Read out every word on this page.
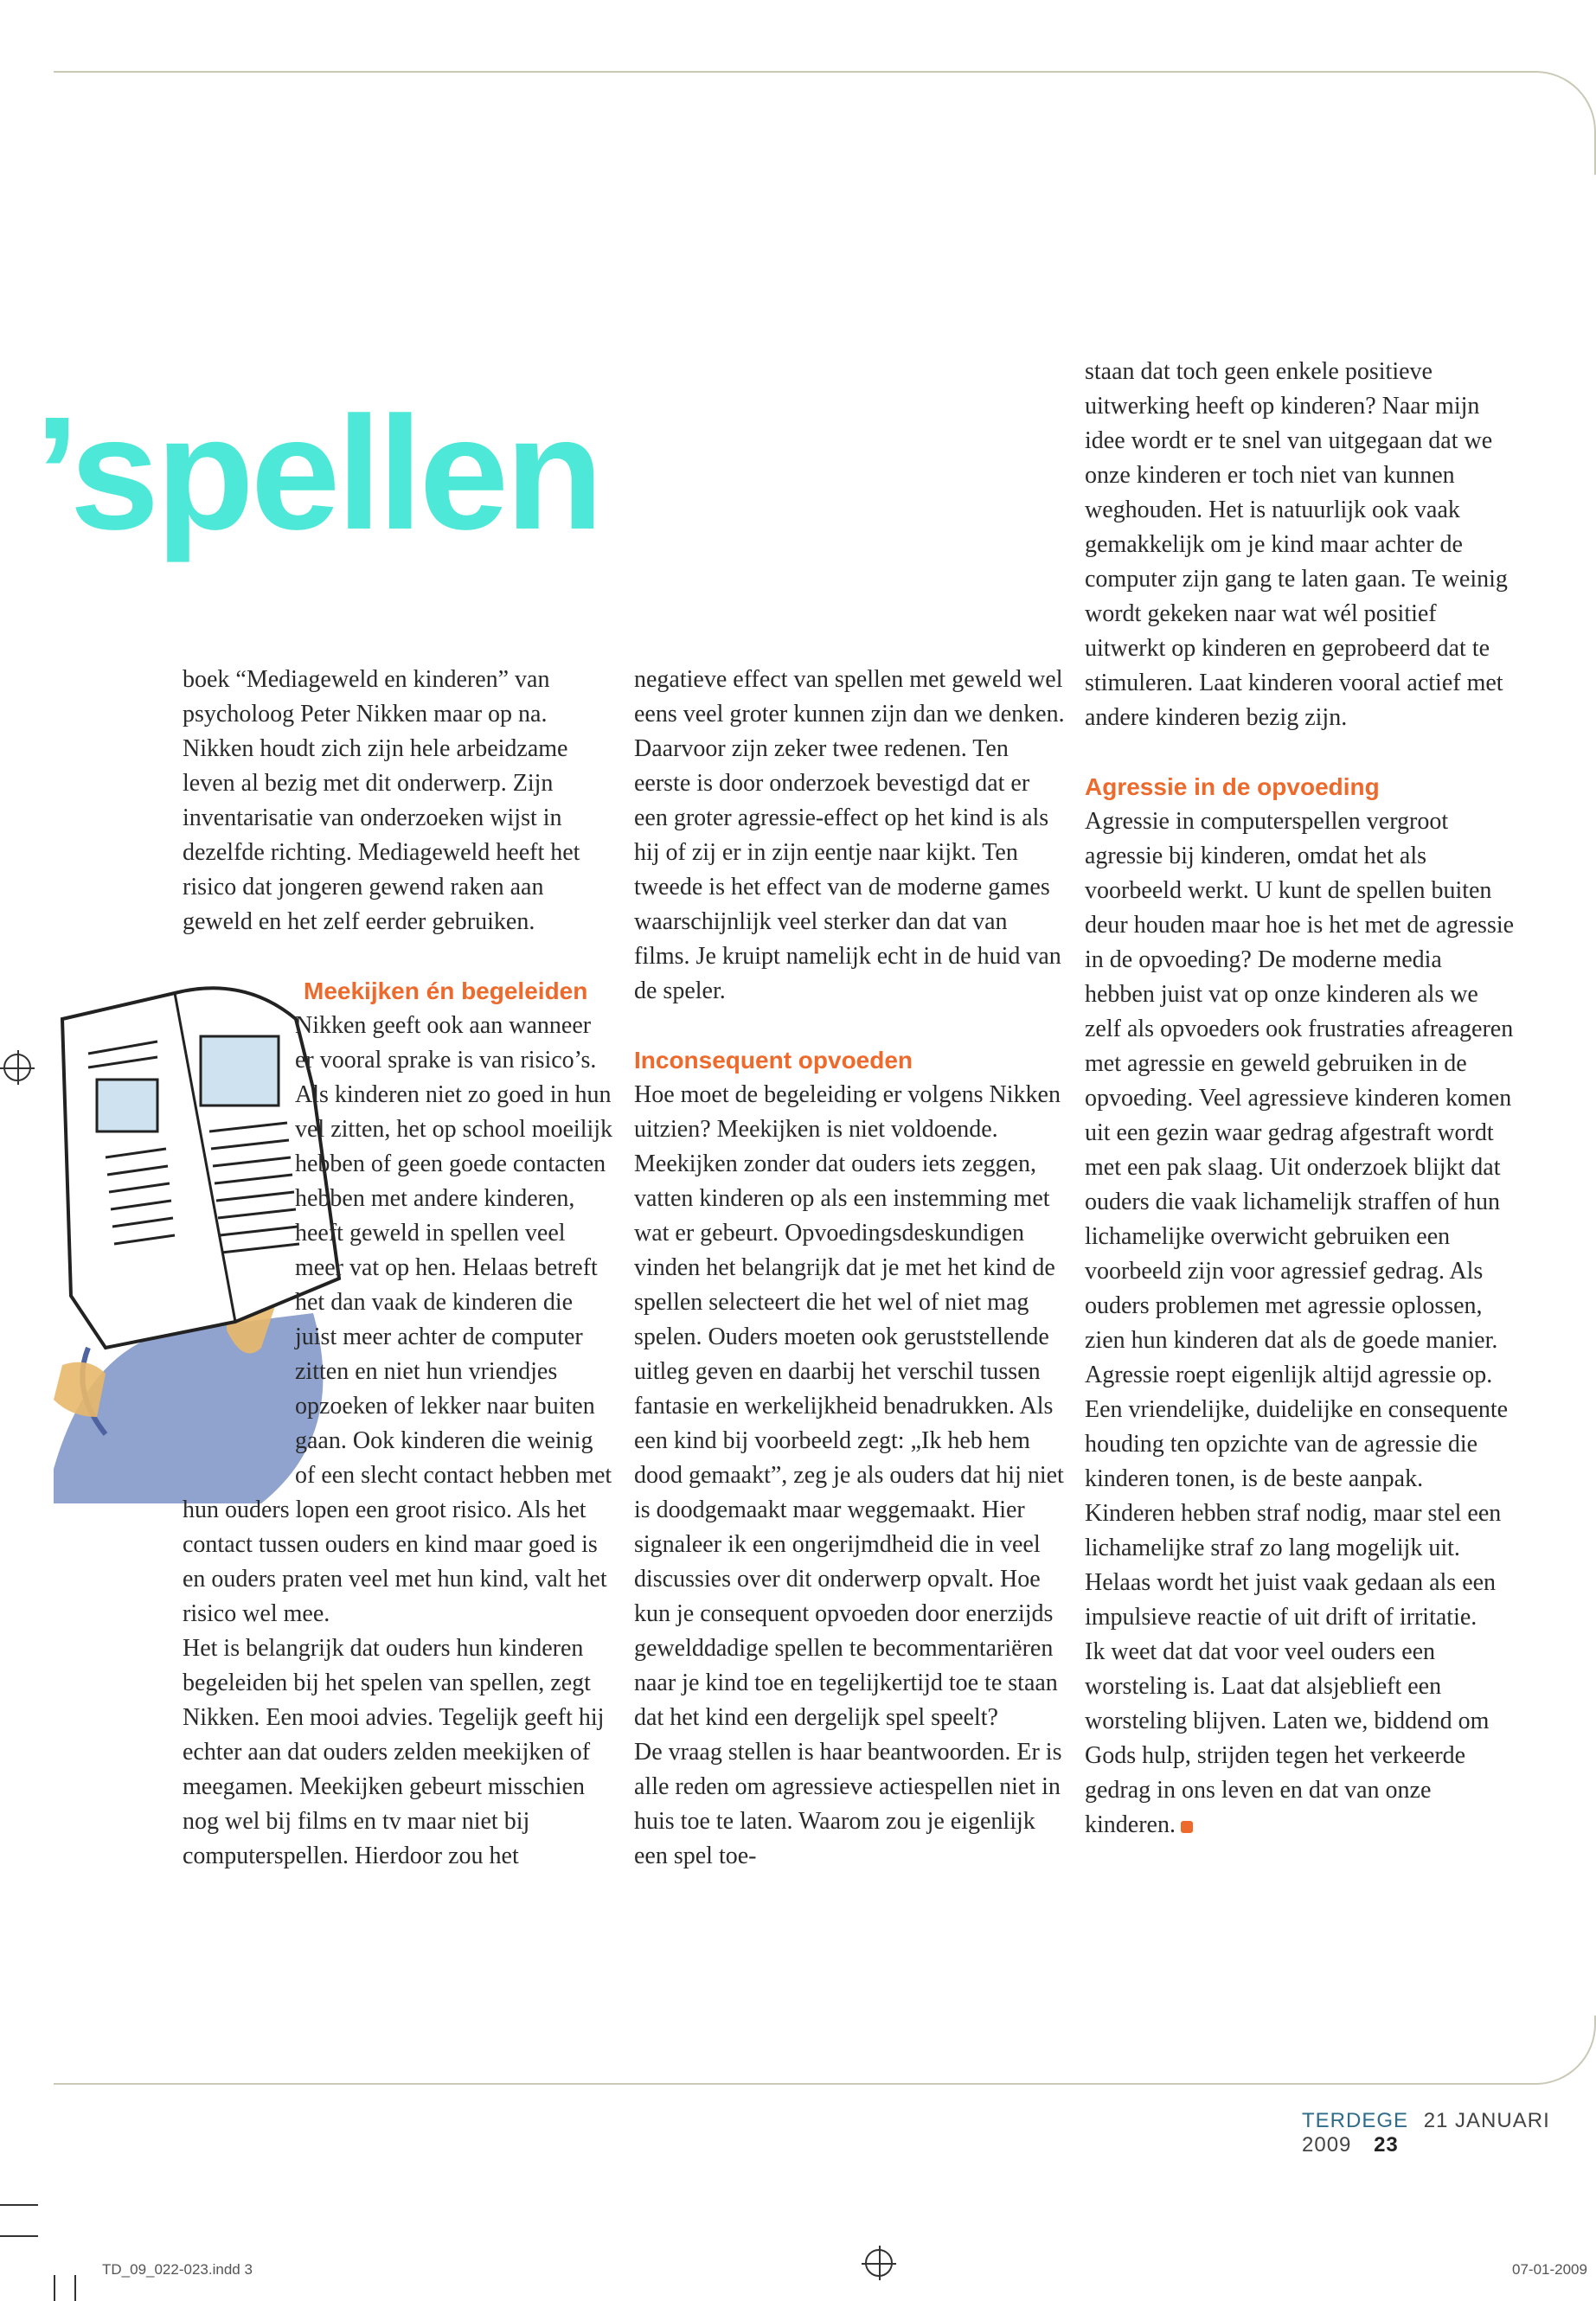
’spellen

boek “Mediageweld en kinderen” van psycholoog Peter Nikken maar op na. Nikken houdt zich zijn hele arbeidzame leven al bezig met dit onderwerp. Zijn inventarisatie van onderzoeken wijst in dezelfde richting. Mediageweld heeft het risico dat jongeren gewend raken aan geweld en het zelf eerder gebruiken.

Meekijken én begeleiden

Nikken geeft ook aan wanneer er vooral sprake is van risico’s. Als kinderen niet zo goed in hun vel zitten, het op school moeilijk hebben of geen goede contacten hebben met andere kinderen, heeft geweld in spellen veel meer vat op hen. Helaas betreft het dan vaak de kinderen die juist meer achter de computer zitten en niet hun vriendjes opzoeken of lekker naar buiten gaan. Ook kinderen die weinig of een slecht contact hebben met hun ouders lopen een groot risico. Als het contact tussen ouders en kind maar goed is en ouders praten veel met hun kind, valt het risico wel mee.

Het is belangrijk dat ouders hun kinderen begeleiden bij het spelen van spellen, zegt Nikken. Een mooi advies. Tegelijk geeft hij echter aan dat ouders zelden meekijken of meegamen. Meekijken gebeurt misschien nog wel bij films en tv maar niet bij computerspellen. Hierdoor zou het

negatieve effect van spellen met geweld wel eens veel groter kunnen zijn dan we denken. Daarvoor zijn zeker twee redenen. Ten eerste is door onderzoek bevestigd dat er een groter agressie-effect op het kind is als hij of zij er in zijn eentje naar kijkt. Ten tweede is het effect van de moderne games waarschijnlijk veel sterker dan dat van films. Je kruipt namelijk echt in de huid van de speler.

Inconsequent opvoeden

Hoe moet de begeleiding er volgens Nikken uitzien? Meekijken is niet voldoende. Meekijken zonder dat ouders iets zeggen, vatten kinderen op als een instemming met wat er gebeurt. Opvoedingsdeskundigen vinden het belangrijk dat je met het kind de spellen selecteert die het wel of niet mag spelen. Ouders moeten ook geruststellende uitleg geven en daarbij het verschil tussen fantasie en werkelijkheid benadrukken. Als een kind bij voorbeeld zegt: „Ik heb hem dood gemaakt”, zeg je als ouders dat hij niet is doodgemaakt maar weggemaakt. Hier signaleer ik een ongerijmdheid die in veel discussies over dit onderwerp opvalt. Hoe kun je consequent opvoeden door enerzijds gewelddadige spellen te becommentariëren naar je kind toe en tegelijkertijd toe te staan dat het kind een dergelijk spel speelt?

De vraag stellen is haar beantwoorden. Er is alle reden om agressieve actiespellen niet in huis toe te laten. Waarom zou je eigenlijk een spel toe-

staan dat toch geen enkele positieve uitwerking heeft op kinderen? Naar mijn idee wordt er te snel van uitgegaan dat we onze kinderen er toch niet van kunnen weghouden. Het is natuurlijk ook vaak gemakkelijk om je kind maar achter de computer zijn gang te laten gaan. Te weinig wordt gekeken naar wat wél positief uitwerkt op kinderen en geprobeerd dat te stimuleren. Laat kinderen vooral actief met andere kinderen bezig zijn.

Agressie in de opvoeding

Agressie in computerspellen vergroot agressie bij kinderen, omdat het als voorbeeld werkt. U kunt de spellen buiten deur houden maar hoe is het met de agressie in de opvoeding? De moderne media hebben juist vat op onze kinderen als we zelf als opvoeders ook frustraties afreageren met agressie en geweld gebruiken in de opvoeding. Veel agressieve kinderen komen uit een gezin waar gedrag afgestraft wordt met een pak slaag. Uit onderzoek blijkt dat ouders die vaak lichamelijk straffen of hun lichamelijke overwicht gebruiken een voorbeeld zijn voor agressief gedrag. Als ouders problemen met agressie oplossen, zien hun kinderen dat als de goede manier. Agressie roept eigenlijk altijd agressie op. Een vriendelijke, duidelijke en consequente houding ten opzichte van de agressie die kinderen tonen, is de beste aanpak. Kinderen hebben straf nodig, maar stel een lichamelijke straf zo lang mogelijk uit. Helaas wordt het juist vaak gedaan als een impulsieve reactie of uit drift of irritatie.

Ik weet dat dat voor veel ouders een worsteling is. Laat dat alsjeblieft een worsteling blijven. Laten we, biddend om Gods hulp, strijden tegen het verkeerde gedrag in ons leven en dat van onze kinderen.

TERDEGE 21 JANUARI 2009 23
TD_09_022-023.indd 3	07-01-2009
